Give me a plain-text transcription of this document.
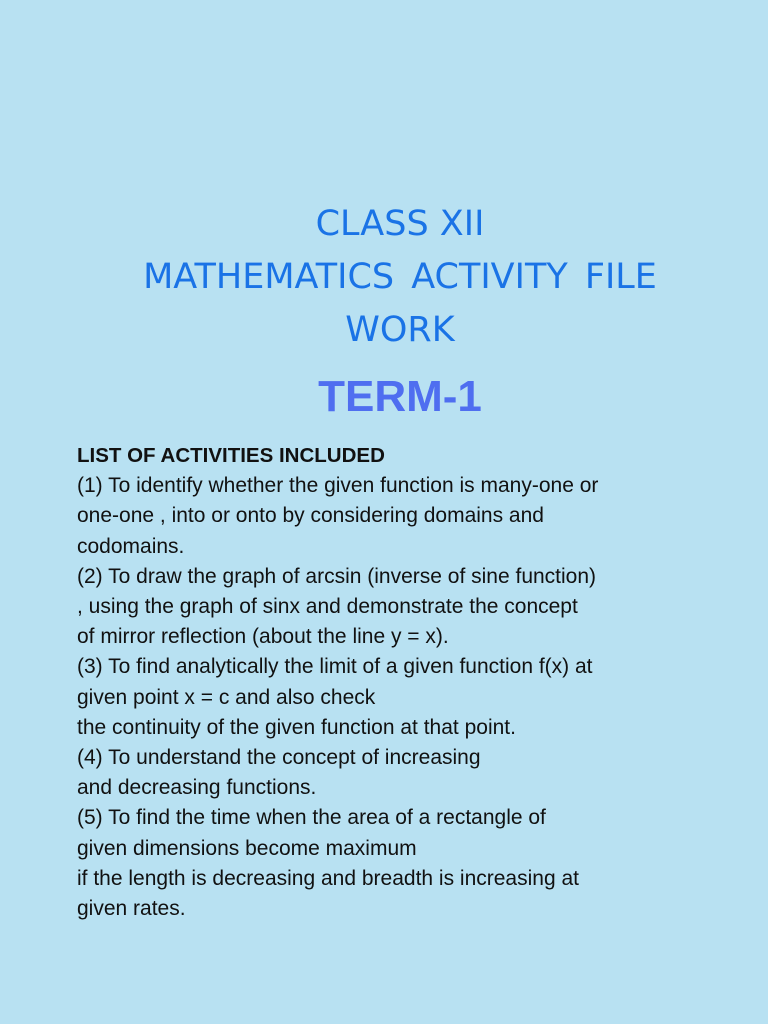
CLASS XII
MATHEMATICS ACTIVITY FILE
WORK
TERM-1
LIST OF ACTIVITIES INCLUDED
(1) To identify whether the given function is many-one or
one-one , into or onto by considering domains and
codomains.
(2) To draw the graph of arcsin (inverse of sine function)
, using the graph of sinx and demonstrate the concept
of mirror reflection (about the line y = x).
(3) To find analytically the limit of a given function f(x) at
given point x = c and also check
the continuity of the given function at that point.
(4) To understand the concept of increasing
and decreasing functions.
(5) To find the time when the area of a rectangle of
given dimensions become maximum
if the length is decreasing and breadth is increasing at
given rates.
